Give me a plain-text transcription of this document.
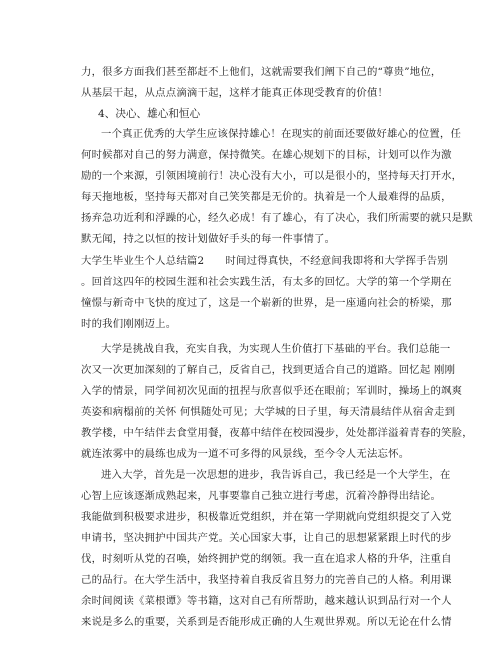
力，很多方面我们甚至都赶不上他们，这就需要我们阐下自己的“尊贵”地位，
从基层干起，从点点滴滴干起，这样才能真正体现受教育的价值！
4、决心、雄心和恒心
一个真正优秀的大学生应该保持雄心！在现实的前面还要做好雄心的位置，任
何时候都对自己的努力满意，保持微笑。在雄心规划下的目标，计划可以作为激
励的一个来源，引领困境前行！决心没有大小，可以是很小的，坚持每天打开水，
每天拖地板，坚持每天都对自己笑笑都是无价的。执着是一个人最难得的品质，
扬弃急功近利和浮躁的心，经久必成！有了雄心，有了决心，我们所需要的就只是默
默无闻，持之以恒的按计划做好手头的每一件事情了。
大学生毕业生个人总结篇2　　时间过得真快，不经意间我即将和大学挥手告别
。回首这四年的校园生涯和社会实践生活，有太多的回忆。大学的第一个学期在
憧憬与新奇中飞快的度过了，这是一个崭新的世界，是一座通向社会的桥梁，那
时的我们刚刚迈上。
大学是挑战自我，充实自我，为实现人生价值打下基础的平台。我们总能一
次又一次更加深刻的了解自己，反省自己，找到更适合自己的道路。回忆起 刚刚
入学的情景，同学间初次见面的扭捏与欣喜似乎还在眼前；军训时，操场上的飒爽
英姿和病榻前的关怀 何惧随处可见；大学城的日子里，每天清晨结伴从宿舍走到
教学楼，中午结伴去食堂用餐，夜幕中结伴在校园漫步，处处都洋溢着青春的笑脸，
就连浓雾中的晨练也成为一道不可多得的风景线，至今令人无法忘怀。
进入大学，首先是一次思想的进步，我告诉自己，我已经是一个大学生，在
心智上应该逐渐成熟起来，凡事要靠自己独立进行考虑，沉着冷静得出结论。
我能做到积极要求进步，积极靠近党组织，并在第一学期就向党组织提交了入党
申请书，坚决拥护中国共产党。关心国家大事，让自己的思想紧紧跟上时代的步
伐，时刻听从党的召唤，始终拥护党的纲领。我一直在追求人格的升华，注重自
己的品行。在大学生活中，我坚持着自我反省且努力的完善自己的人格。利用课
余时间阅读《菜根谭》等书籍，这对自己有所帮助，越来越认识到品行对一个人
来说是多么的重要，关系到是否能形成正确的人生观世界观。所以无论在什么情
